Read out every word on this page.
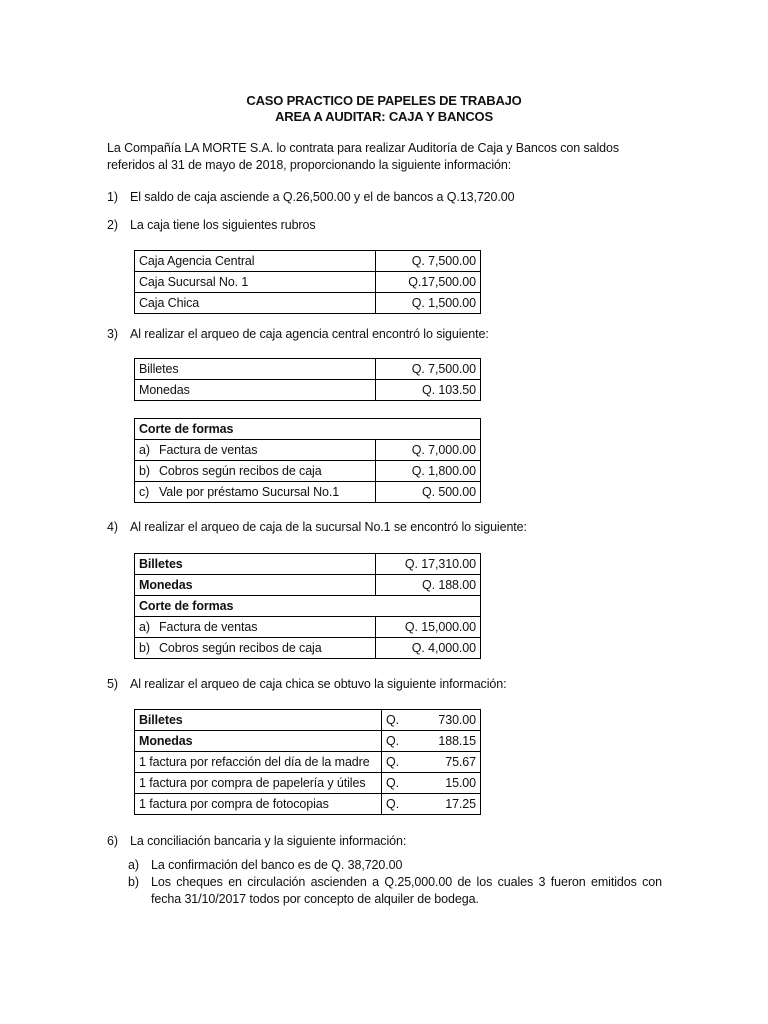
CASO PRACTICO DE PAPELES DE TRABAJO
AREA A AUDITAR: CAJA Y BANCOS
La Compañía LA MORTE S.A. lo contrata para realizar Auditoría de Caja y Bancos con saldos referidos al 31 de mayo de 2018, proporcionando la siguiente información:
1) El saldo de caja asciende a Q.26,500.00 y el de bancos a Q.13,720.00
2) La caja tiene los siguientes rubros
Caja Agencia Central	Q. 7,500.00
Caja Sucursal No. 1	Q.17,500.00
Caja Chica	Q. 1,500.00
3) Al realizar el arqueo de caja agencia central encontró lo siguiente:
Billetes	Q. 7,500.00
Monedas	Q. 103.50
Corte de formas	
a) Factura de ventas	Q. 7,000.00
b) Cobros según recibos de caja	Q. 1,800.00
c) Vale por préstamo Sucursal No.1	Q. 500.00
4) Al realizar el arqueo de caja de la sucursal No.1 se encontró lo siguiente:
Billetes	Q. 17,310.00
Monedas	Q. 188.00
Corte de formas	
a) Factura de ventas	Q. 15,000.00
b) Cobros según recibos de caja	Q. 4,000.00
5) Al realizar el arqueo de caja chica se obtuvo la siguiente información:
Billetes	Q. 730.00

Monedas	Q. 188.15

1 factura por refacción del día de la madre	Q. 75.67

1 factura por compra de papelería y útiles	Q. 15.00

1 factura por compra de fotocopias	Q. 17.25
6) La conciliación bancaria y la siguiente información:
a) La confirmación del banco es de Q. 38,720.00
b) Los cheques en circulación ascienden a Q.25,000.00 de los cuales 3 fueron emitidos con fecha 31/10/2017 todos por concepto de alquiler de bodega.
